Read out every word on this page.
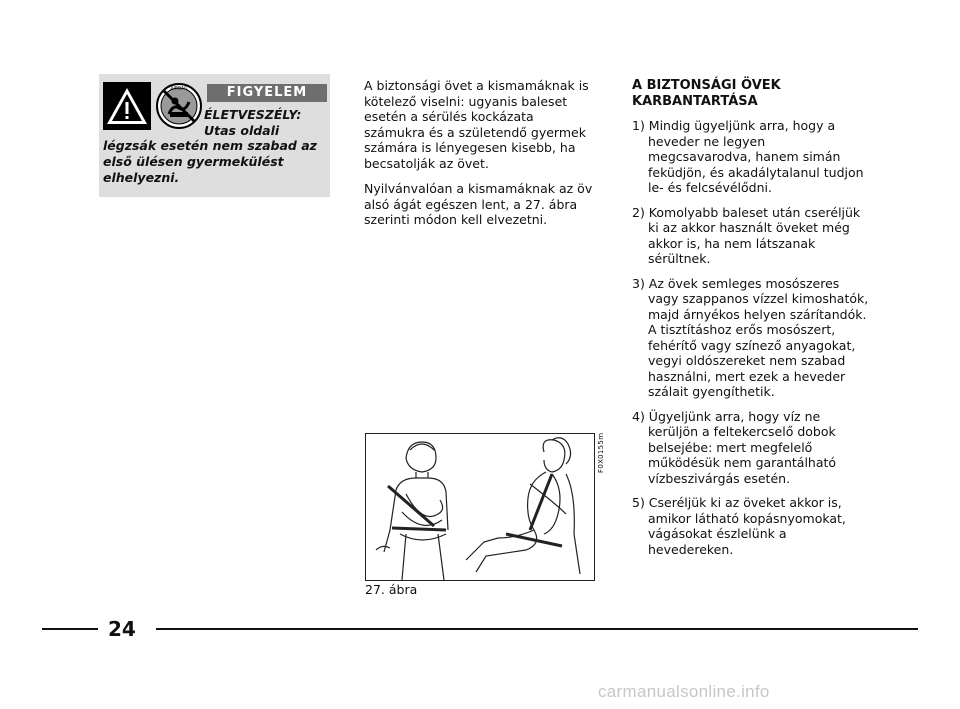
AIRBAG	FIGYELEM
ÉLETVESZÉLY:
Utas oldali
légzsák esetén nem szabad az első ülésen gyermekülést elhelyezni.

A biztonsági övet a kismamáknak is kötelező viselni: ugyanis baleset esetén a sérülés kockázata számukra és a születendő gyermek számára is lényegesen kisebb, ha becsatolják az övet.

Nyilvánvalóan a kismamáknak az öv alsó ágát egészen lent, a 27. ábra szerinti módon kell elvezetni.

F0X0155m
27. ábra
A BIZTONSÁGI ÖVEK
KARBANTARTÁSA
1) Mindig ügyeljünk arra, hogy a heveder ne legyen megcsavarodva, hanem simán feküdjön, és akadálytalanul tudjon le- és felcsévélődni.
2) Komolyabb baleset után cseréljük ki az akkor használt öveket még akkor is, ha nem látszanak sérültnek.
3) Az övek semleges mosószeres vagy szappanos vízzel kimoshatók, majd árnyékos helyen szárítandók. A tisztításhoz erős mosószert, fehérítő vagy színező anyagokat, vegyi oldószereket nem szabad használni, mert ezek a heveder szálait gyengíthetik.
4) Ügyeljünk arra, hogy víz ne kerüljön a feltekercselő dobok belsejébe: mert megfelelő működésük nem garantálható vízbeszivárgás esetén.
5) Cseréljük ki az öveket akkor is, amikor látható kopásnyomokat, vágásokat észlelünk a hevedereken.
24
carmanualsonline.info
